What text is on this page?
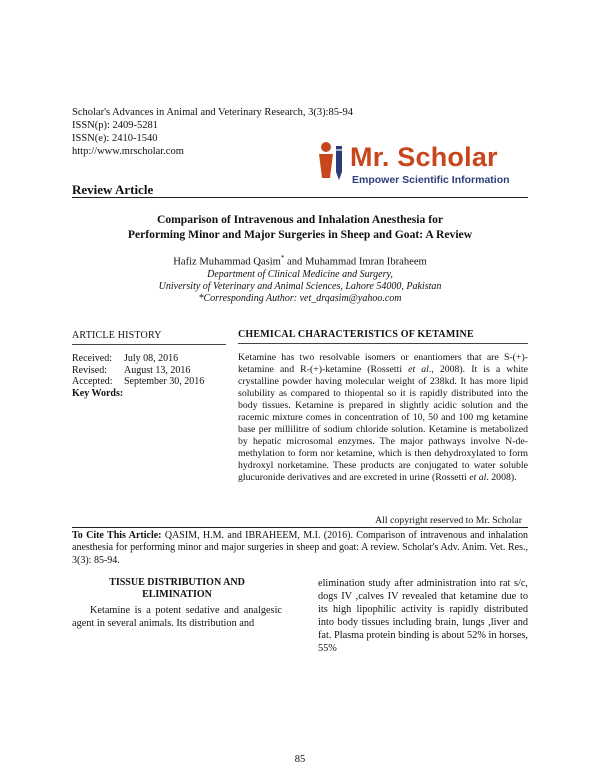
Scholar's Advances in Animal and Veterinary Research, 3(3):85-94
ISSN(p): 2409-5281
ISSN(e): 2410-1540
http://www.mrscholar.com	Mr. Scholar
Empower Scientific Information
Review Article
Comparison of Intravenous and Inhalation Anesthesia for
Performing Minor and Major Surgeries in Sheep and Goat: A Review
Hafiz Muhammad Qasim* and Muhammad Imran Ibraheem
Department of Clinical Medicine and Surgery,
University of Veterinary and Animal Sciences, Lahore 54000, Pakistan
*Corresponding Author: vet_drqasim@yahoo.com
ARTICLE HISTORY
Received: July 08, 2016
Revised: August 13, 2016
Accepted: September 30, 2016
Key Words:
CHEMICAL CHARACTERISTICS OF KETAMINE
Ketamine has two resolvable isomers or enantiomers that are S-(+)-ketamine and R-(+)-ketamine (Rossetti et al., 2008). It is a white crystalline powder having molecular weight of 238kd. It has more lipid solubility as compared to thiopental so it is rapidly distributed into the body tissues. Ketamine is prepared in slightly acidic solution and the racemic mixture comes in concentration of 10, 50 and 100 mg ketamine base per millilitre of sodium chloride solution. Ketamine is metabolized by hepatic microsomal enzymes. The major pathways involve N-de-methylation to form nor ketamine, which is then dehydroxylated to form hydroxyl norketamine. These products are conjugated to water soluble glucuronide derivatives and are excreted in urine (Rossetti et al. 2008).
All copyright reserved to Mr. Scholar
To Cite This Article: QASIM, H.M. and IBRAHEEM, M.I. (2016). Comparison of intravenous and inhalation anesthesia for performing minor and major surgeries in sheep and goat: A review. Scholar's Adv. Anim. Vet. Res., 3(3): 85-94.
TISSUE DISTRIBUTION AND
ELIMINATION
Ketamine is a potent sedative and analgesic agent in several animals. Its distribution and
elimination study after administration into rat s/c, dogs IV ,calves IV revealed that ketamine due to its high lipophilic activity is rapidly distributed into body tissues including brain, lungs ,liver and fat. Plasma protein binding is about 52% in horses, 55%
85
